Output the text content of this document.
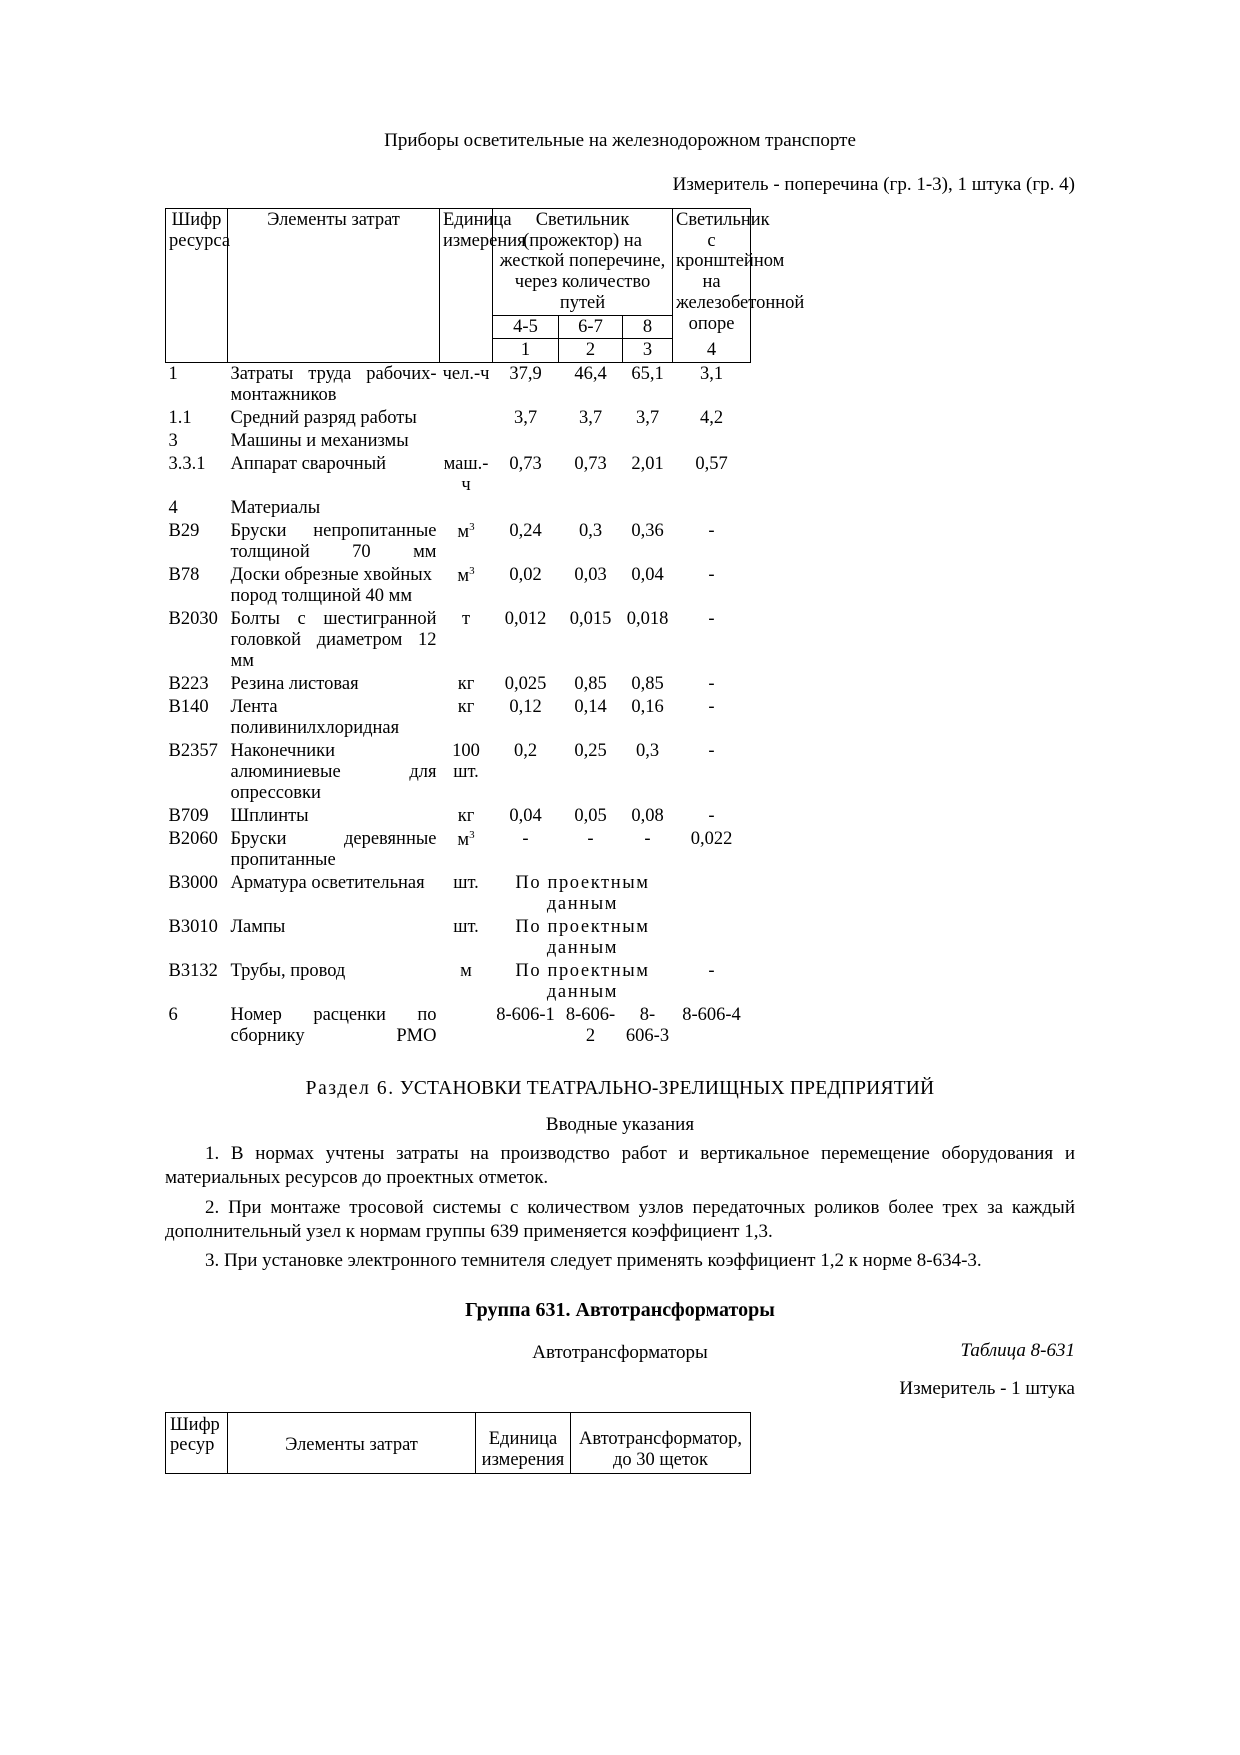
Приборы осветительные на железнодорожном транспорте
Измеритель - поперечина (гр. 1-3), 1 штука (гр. 4)
Шифр ресурса	Элементы затрат	Единица измерения	Светильник (прожектор) на жесткой поперечине, через количество путей			Светильник с кронштейном на железобетонной опоре
			4-5	6-7	8	
			1	2	3	4
1	Затраты труда рабочих-монтажников	чел.-ч	37,9	46,4	65,1	3,1
1.1	Средний разряд работы		3,7	3,7	3,7	4,2
3	Машины и механизмы					
3.3.1	Аппарат сварочный	маш.-ч	0,73	0,73	2,01	0,57
4	Материалы					
В29	Бруски непропитанные толщиной 70 мм	$м^3$	0,24	0,3	0,36	-
В78	Доски обрезные хвойных пород толщиной 40 мм	$м^3$	0,02	0,03	0,04	-
В2030	Болты с шестигранной головкой диаметром 12 мм	т	0,012	0,015	0,018	-
В223	Резина листовая	кг	0,025	0,85	0,85	-
В140	Лента поливинилхлоридная	кг	0,12	0,14	0,16	-
В2357	Наконечники алюминиевые для опрессовки	100 шт.	0,2	0,25	0,3	-
В709	Шплинты	кг	0,04	0,05	0,08	-
В2060	Бруски деревянные пропитанные	$м^3$	-	-	-	0,022
В3000	Арматура осветительная	шт.	По проектным данным			
В3010	Лампы	шт.	По проектным данным			
В3132	Трубы, провод	м	По проектным данным			-
6	Номер расценки по сборнику РМО		8-606-1	8-606-2	8-606-3	8-606-4
Раздел 6. УСТАНОВКИ ТЕАТРАЛЬНО-ЗРЕЛИЩНЫХ ПРЕДПРИЯТИЙ
Вводные указания

1. В нормах учтены затраты на производство работ и вертикальное перемещение оборудования и материальных ресурсов до проектных отметок.

2. При монтаже тросовой системы с количеством узлов передаточных роликов более трех за каждый дополнительный узел к нормам группы 639 применяется коэффициент 1,3.

3. При установке электронного темнителя следует применять коэффициент 1,2 к норме 8-634-3.

Группа 631. Автотрансформаторы
Таблица 8-631
Автотрансформаторы
Измеритель - 1 штука
Шифр ресур	Элементы затрат	Единица измерения	Автотрансформатор, до 30 щеток
